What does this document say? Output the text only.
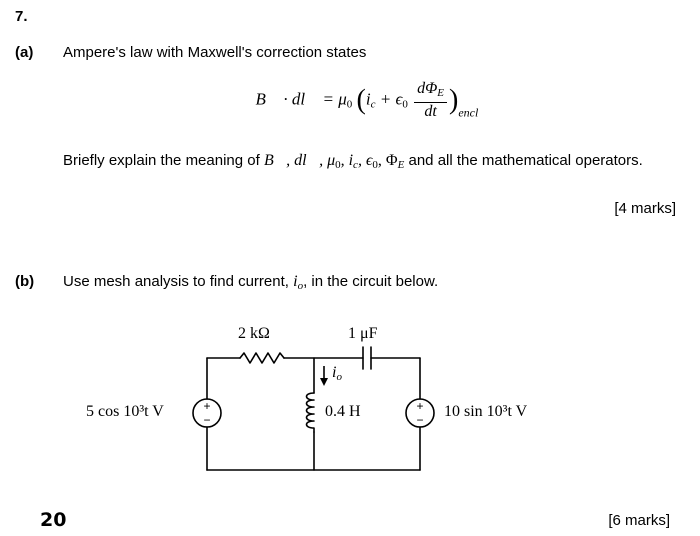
7.
(a) Ampere's law with Maxwell's correction states
∮ B⃗ · dl⃗ = $\mu_0$ $(i_c + \epsilon_0 \frac{d\Phi_E}{dt} )_{encl}$
Briefly explain the meaning of B⃗, dl⃗, $\mu_0$, $i_c$, $\epsilon_0$, $\Phi_E$ and all the mathematical operators.
[4 marks]
(b) Use mesh analysis to find current, $i_o$, in the circuit below.
+
−
+
−
2 kΩ	1 μF
$i_o$
0.4 H
5 cos 10³t V	10 sin 10³t V
20	[6 marks]
